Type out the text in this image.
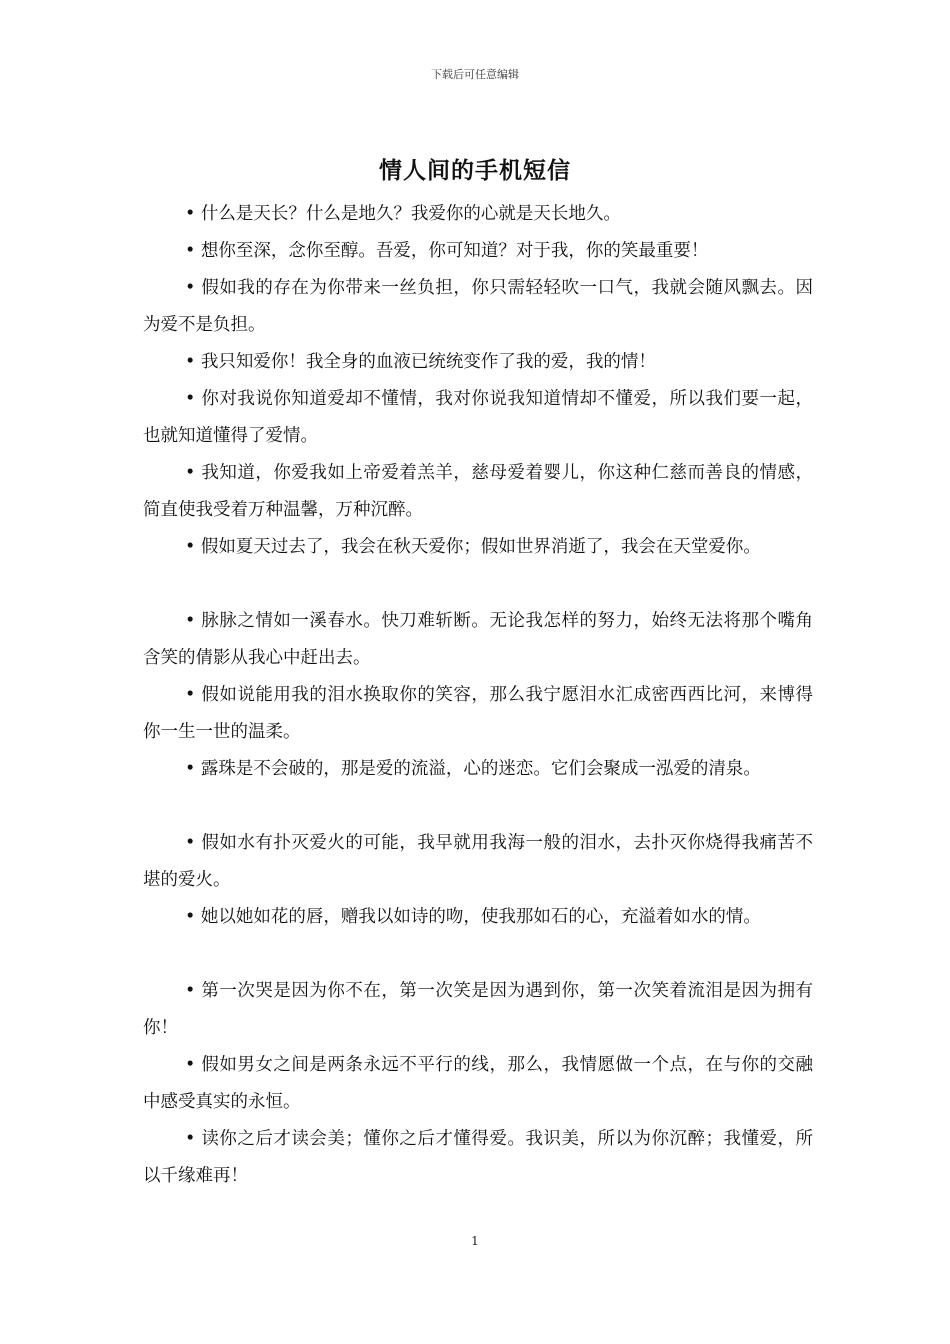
下载后可任意编辑
情人间的手机短信

• 什么是天长？什么是地久？我爱你的心就是天长地久。

• 想你至深，念你至醇。吾爱，你可知道？对于我，你的笑最重要！

• 假如我的存在为你带来一丝负担，你只需轻轻吹一口气，我就会随风飘去。因为爱不是负担。

• 我只知爱你！我全身的血液已统统变作了我的爱，我的情！

• 你对我说你知道爱却不懂情，我对你说我知道情却不懂爱，所以我们要一起，也就知道懂得了爱情。

• 我知道，你爱我如上帝爱着羔羊，慈母爱着婴儿，你这种仁慈而善良的情感，简直使我受着万种温馨，万种沉醉。

• 假如夏天过去了，我会在秋天爱你；假如世界消逝了，我会在天堂爱你。

• 脉脉之情如一溪春水。快刀难斩断。无论我怎样的努力，始终无法将那个嘴角含笑的倩影从我心中赶出去。

• 假如说能用我的泪水换取你的笑容，那么我宁愿泪水汇成密西西比河，来博得你一生一世的温柔。

• 露珠是不会破的，那是爱的流溢，心的迷恋。它们会聚成一泓爱的清泉。

• 假如水有扑灭爱火的可能，我早就用我海一般的泪水，去扑灭你烧得我痛苦不堪的爱火。

• 她以她如花的唇，赠我以如诗的吻，使我那如石的心，充溢着如水的情。

• 第一次哭是因为你不在，第一次笑是因为遇到你，第一次笑着流泪是因为拥有你！

• 假如男女之间是两条永远不平行的线，那么，我情愿做一个点，在与你的交融中感受真实的永恒。

• 读你之后才读会美；懂你之后才懂得爱。我识美，所以为你沉醉；我懂爱，所以千缘难再！

1
